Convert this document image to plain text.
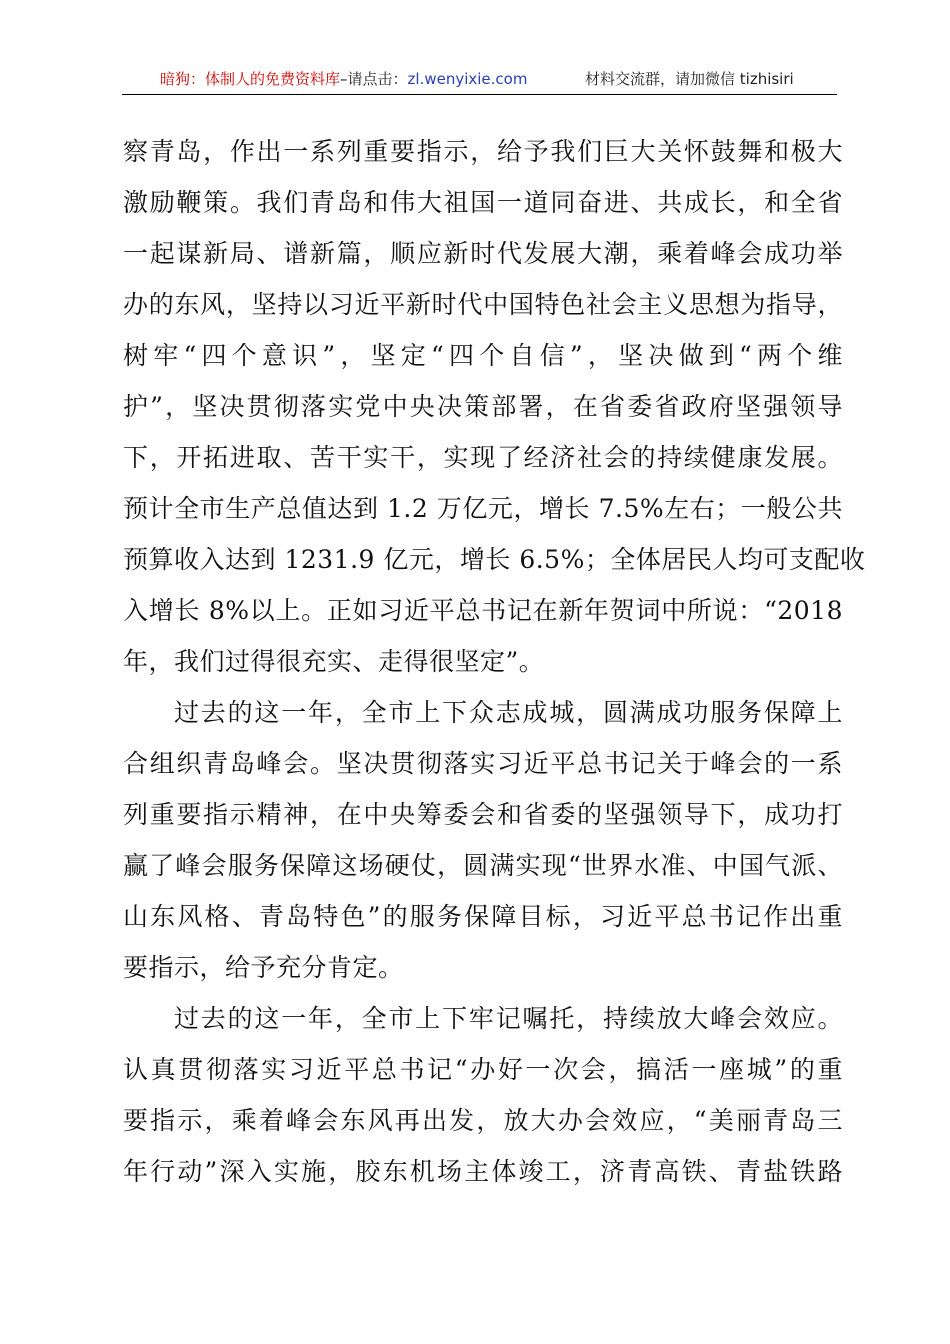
暗狗：体制人的免费资料库–请点击：zl.wenyixie.com	材料交流群，请加微信 tizhisiri
察青岛，作出一系列重要指示，给予我们巨大关怀鼓舞和极大
激励鞭策。我们青岛和伟大祖国一道同奋进、共成长，和全省
一起谋新局、谱新篇，顺应新时代发展大潮，乘着峰会成功举
办的东风，坚持以习近平新时代中国特色社会主义思想为指导，
树牢“四个意识”，坚定“四个自信”，坚决做到“两个维
护”，坚决贯彻落实党中央决策部署，在省委省政府坚强领导
下，开拓进取、苦干实干，实现了经济社会的持续健康发展。
预计全市生产总值达到 1.2 万亿元，增长 7.5%左右；一般公共
预算收入达到 1231.9 亿元，增长 6.5%；全体居民人均可支配收
入增长 8%以上。正如习近平总书记在新年贺词中所说：“2018
年，我们过得很充实、走得很坚定”。
过去的这一年，全市上下众志成城，圆满成功服务保障上
合组织青岛峰会。坚决贯彻落实习近平总书记关于峰会的一系
列重要指示精神，在中央筹委会和省委的坚强领导下，成功打
赢了峰会服务保障这场硬仗，圆满实现“世界水准、中国气派、
山东风格、青岛特色”的服务保障目标，习近平总书记作出重
要指示，给予充分肯定。
过去的这一年，全市上下牢记嘱托，持续放大峰会效应。
认真贯彻落实习近平总书记“办好一次会，搞活一座城”的重
要指示，乘着峰会东风再出发，放大办会效应，“美丽青岛三
年行动”深入实施，胶东机场主体竣工，济青高铁、青盐铁路
